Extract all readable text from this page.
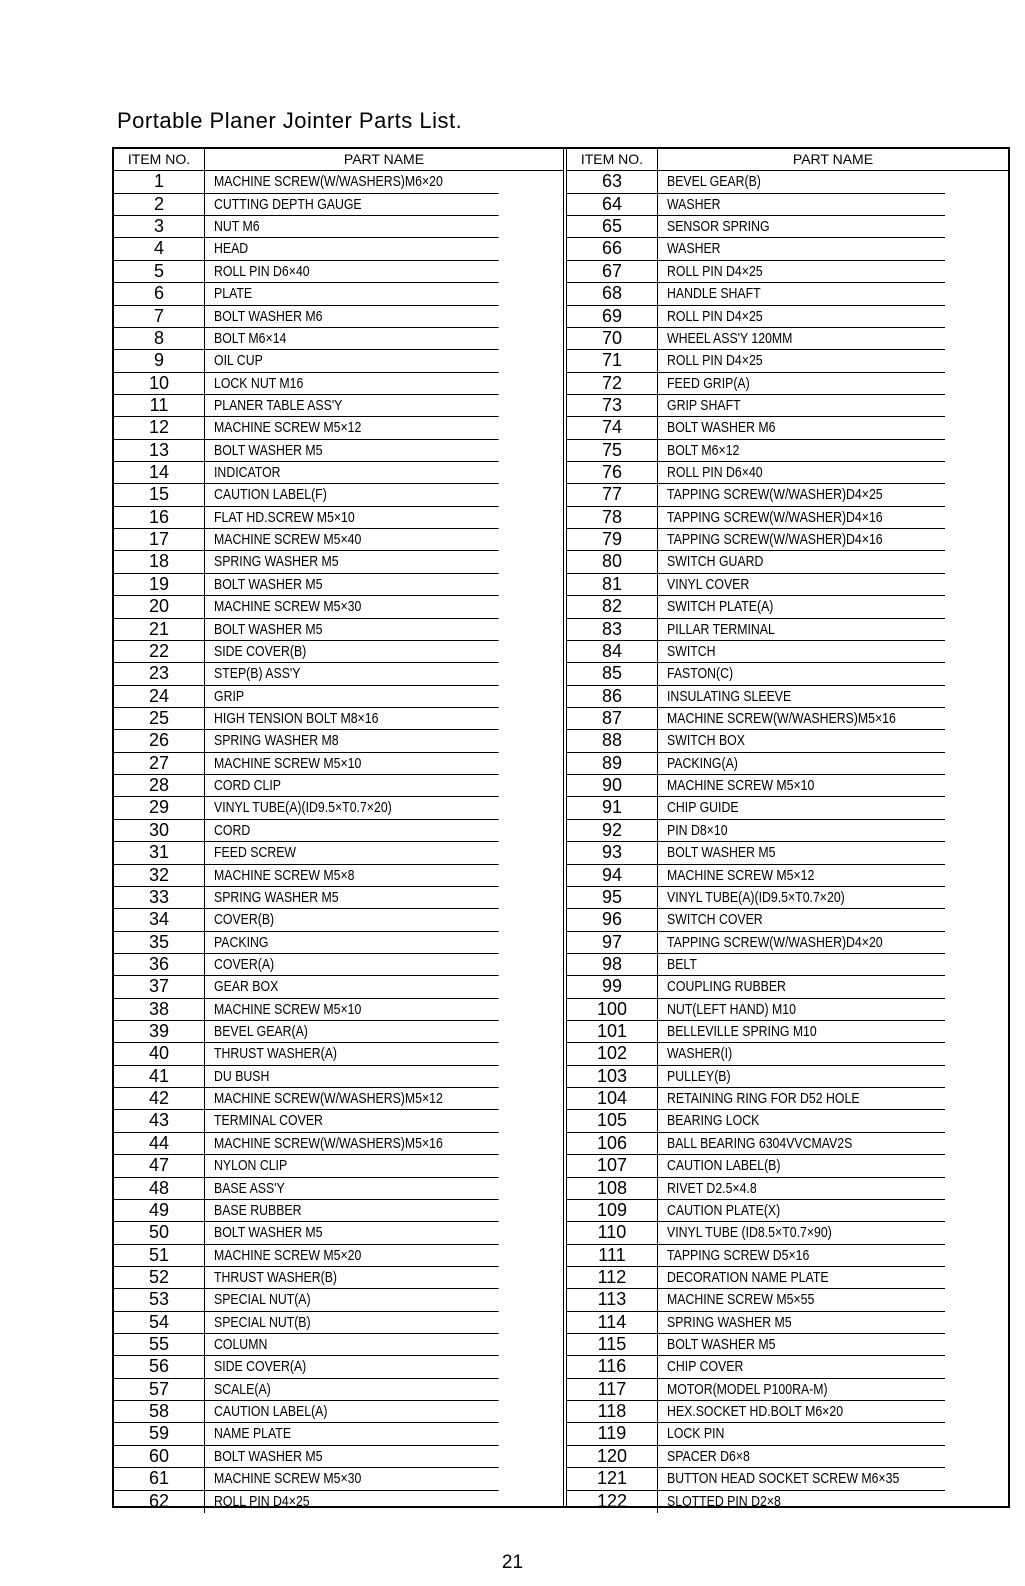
Portable Planer Jointer Parts List.
ITEM NO.	PART NAME
1	MACHINE SCREW(W/WASHERS)M6×20
2	CUTTING DEPTH GAUGE
3	NUT M6
4	HEAD
5	ROLL PIN D6×40
6	PLATE
7	BOLT WASHER M6
8	BOLT M6×14
9	OIL CUP
10	LOCK NUT M16
11	PLANER TABLE ASS'Y
12	MACHINE SCREW M5×12
13	BOLT WASHER M5
14	INDICATOR
15	CAUTION LABEL(F)
16	FLAT HD.SCREW M5×10
17	MACHINE SCREW M5×40
18	SPRING WASHER M5
19	BOLT WASHER M5
20	MACHINE SCREW M5×30
21	BOLT WASHER M5
22	SIDE COVER(B)
23	STEP(B) ASS'Y
24	GRIP
25	HIGH TENSION BOLT M8×16
26	SPRING WASHER M8
27	MACHINE SCREW M5×10
28	CORD CLIP
29	VINYL TUBE(A)(ID9.5×T0.7×20)
30	CORD
31	FEED SCREW
32	MACHINE SCREW M5×8
33	SPRING WASHER M5
34	COVER(B)
35	PACKING
36	COVER(A)
37	GEAR BOX
38	MACHINE SCREW M5×10
39	BEVEL GEAR(A)
40	THRUST WASHER(A)
41	DU BUSH
42	MACHINE SCREW(W/WASHERS)M5×12
43	TERMINAL COVER
44	MACHINE SCREW(W/WASHERS)M5×16
47	NYLON CLIP
48	BASE ASS'Y
49	BASE RUBBER
50	BOLT WASHER M5
51	MACHINE SCREW M5×20
52	THRUST WASHER(B)
53	SPECIAL NUT(A)
54	SPECIAL NUT(B)
55	COLUMN
56	SIDE COVER(A)
57	SCALE(A)
58	CAUTION LABEL(A)
59	NAME PLATE
60	BOLT WASHER M5
61	MACHINE SCREW M5×30
62	ROLL PIN D4×25
ITEM NO.	PART NAME
63	BEVEL GEAR(B)
64	WASHER
65	SENSOR SPRING
66	WASHER
67	ROLL PIN D4×25
68	HANDLE SHAFT
69	ROLL PIN D4×25
70	WHEEL ASS'Y 120MM
71	ROLL PIN D4×25
72	FEED GRIP(A)
73	GRIP SHAFT
74	BOLT WASHER M6
75	BOLT M6×12
76	ROLL PIN D6×40
77	TAPPING SCREW(W/WASHER)D4×25
78	TAPPING SCREW(W/WASHER)D4×16
79	TAPPING SCREW(W/WASHER)D4×16
80	SWITCH GUARD
81	VINYL COVER
82	SWITCH PLATE(A)
83	PILLAR TERMINAL
84	SWITCH
85	FASTON(C)
86	INSULATING SLEEVE
87	MACHINE SCREW(W/WASHERS)M5×16
88	SWITCH BOX
89	PACKING(A)
90	MACHINE SCREW M5×10
91	CHIP GUIDE
92	PIN D8×10
93	BOLT WASHER M5
94	MACHINE SCREW M5×12
95	VINYL TUBE(A)(ID9.5×T0.7×20)
96	SWITCH COVER
97	TAPPING SCREW(W/WASHER)D4×20
98	BELT
99	COUPLING RUBBER
100	NUT(LEFT HAND) M10
101	BELLEVILLE SPRING M10
102	WASHER(I)
103	PULLEY(B)
104	RETAINING RING FOR D52 HOLE
105	BEARING LOCK
106	BALL BEARING 6304VVCMAV2S
107	CAUTION LABEL(B)
108	RIVET D2.5×4.8
109	CAUTION PLATE(X)
110	VINYL TUBE (ID8.5×T0.7×90)
111	TAPPING SCREW D5×16
112	DECORATION NAME PLATE
113	MACHINE SCREW M5×55
114	SPRING WASHER M5
115	BOLT WASHER M5
116	CHIP COVER
117	MOTOR(MODEL P100RA-M)
118	HEX.SOCKET HD.BOLT M6×20
119	LOCK PIN
120	SPACER D6×8
121	BUTTON HEAD SOCKET SCREW M6×35
122	SLOTTED PIN D2×8
21
